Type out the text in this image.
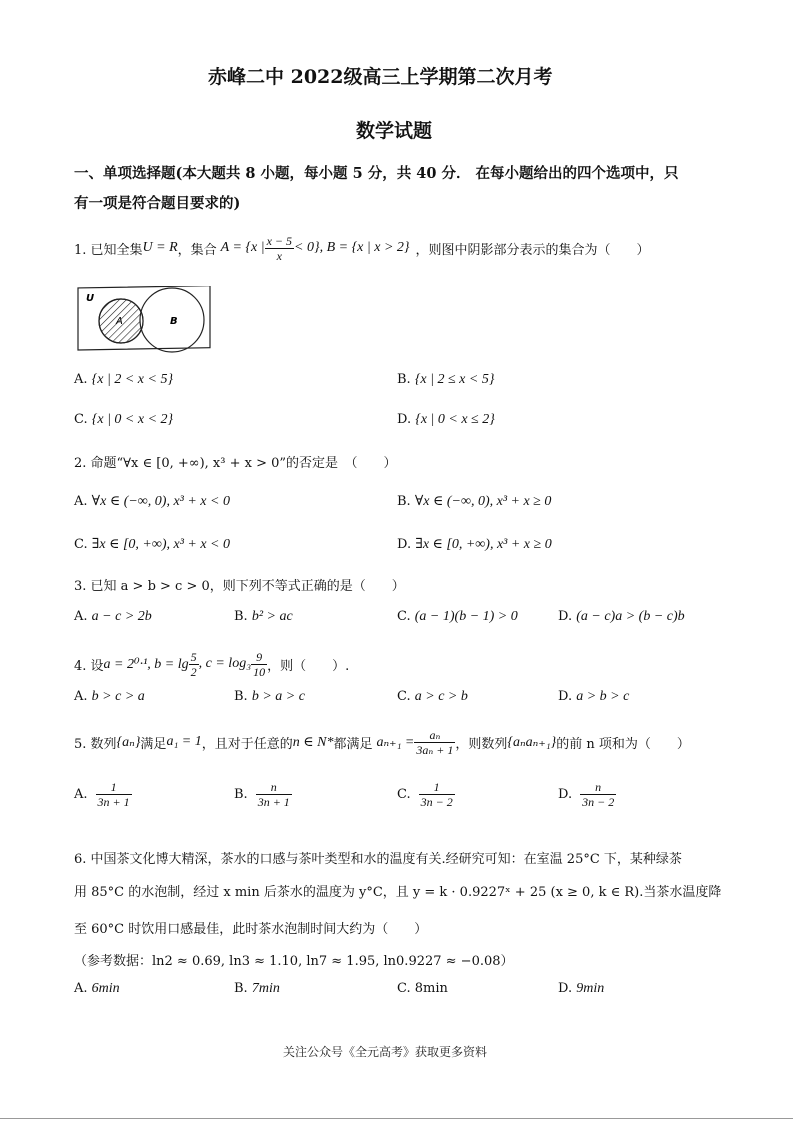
赤峰二中 2022级高三上学期第二次月考
数学试题
一、单项选择题(本大题共 8 小题，每小题 5 分，共 40 分． 在每小题给出的四个选项中，只
有一项是符合题目要求的)
1. 已知全集 U = R ，集合 A = {x | $\frac{x - 5}{x} < 0$}, B = {x | x > 2} ，则图中阴影部分表示的集合为（　　）
U
A	B
A. {x | 2 < x < 5}	B. {x | 2 ≤ x < 5}
C. {x | 0 < x < 2}	D. {x | 0 < x ≤ 2}
2. 命题“∀x ∈ [0, +∞), x³ + x > 0”的否定是　（　　）
A. ∀x ∈ (−∞, 0), x³ + x < 0	B. ∀x ∈ (−∞, 0), x³ + x ≥ 0
C. ∃x ∈ [0, +∞), x³ + x < 0	D. ∃x ∈ [0, +∞), x³ + x ≥ 0
3. 已知 a > b > c > 0，则下列不等式正确的是（　　）
A. a − c > 2b	B. b² > ac	C. (a − 1)(b − 1) > 0	D. (a − c)a > (b − c)b
4. 设 a = 2⁰·¹, $b = \lg \frac{5}{2}$ , $c = \log_3 \frac{9}{10}$ ，则（　　）.
A. b > c > a	B. b > a > c	C. a > c > b	D. a > b > c
5. 数列 {aₙ} 满足 a₁ = 1 ，且对于任意的 n ∈ N* 都满足 $a_{n+1} = \frac{\text{aₙ}}{\text{3aₙ + 1}}$ ，则数列 {aₙaₙ₊₁} 的前 n 项和为（　　）
A. $\frac{1}{3n + 1}$	B. $\frac{n}{3n + 1}$	C. $\frac{1}{3n - 2}$	D. $\frac{n}{3n - 2}$
6. 中国茶文化博大精深，茶水的口感与茶叶类型和水的温度有关.经研究可知：在室温 25°C 下，某种绿茶
用 85°C 的水泡制，经过 x min 后茶水的温度为 y°C，且 y = k · 0.9227ˣ + 25 (x ≥ 0, k ∈ R).当茶水温度降
至 60°C 时饮用口感最佳，此时茶水泡制时间大约为（　　）
（参考数据：ln2 ≈ 0.69, ln3 ≈ 1.10, ln7 ≈ 1.95, ln0.9227 ≈ −0.08）
A. 6min	B. 7min	C. 8min	D. 9min
关注公众号《全元高考》获取更多资料
